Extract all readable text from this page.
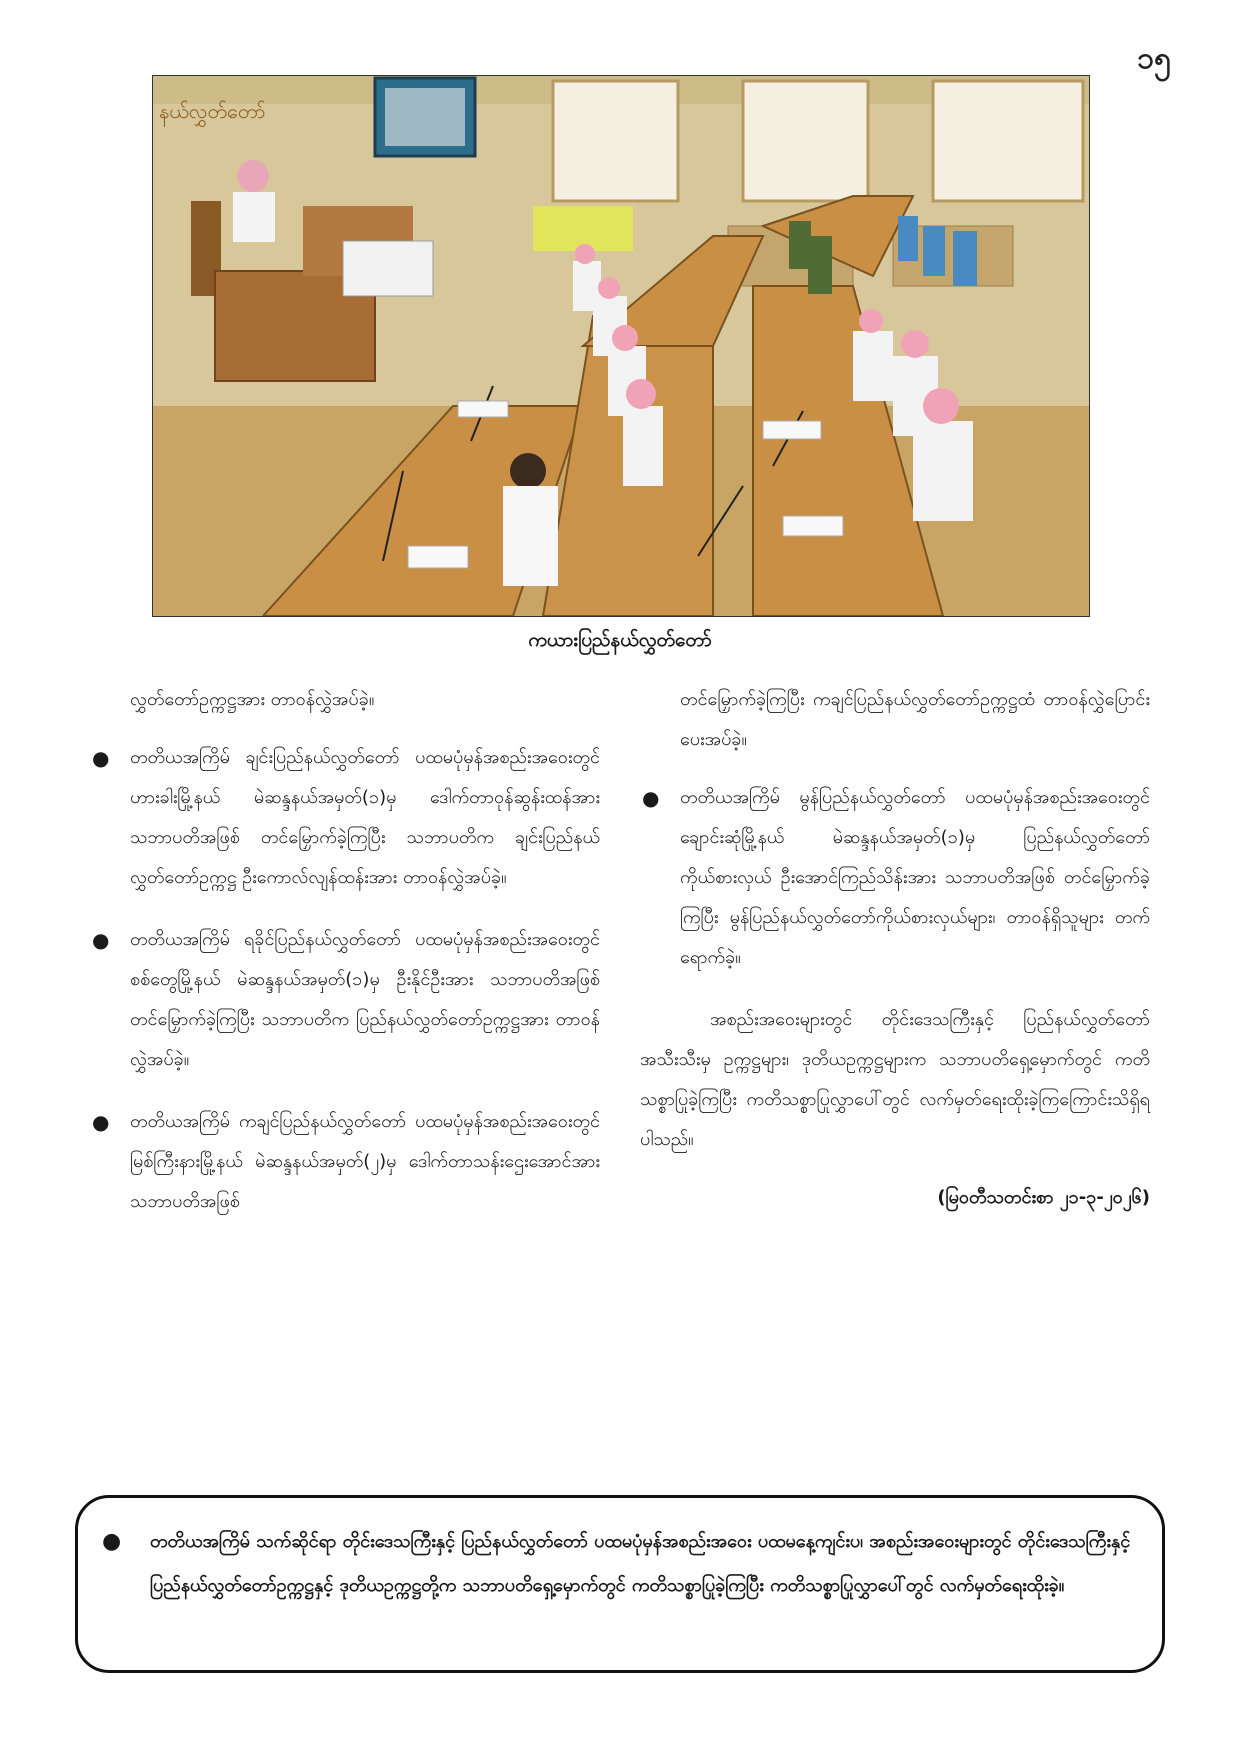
၁၅
နယ်လွှတ်တော်
ကယားပြည်နယ်လွှတ်တော်

လွှတ်တော်ဥက္ကဋ္ဌအား တာဝန်လွှဲအပ်ခဲ့။

● တတိယအကြိမ် ချင်းပြည်နယ်လွှတ်တော် ပထမပုံမှန်အစည်းအဝေးတွင် ဟားခါးမြို့နယ် မဲဆန္ဒနယ်အမှတ်(၁)မှ ဒေါက်တာဝုန်ဆွန်းထန်အား သဘာပတိအဖြစ် တင်မြှောက်ခဲ့ကြပြီး သဘာပတိက ချင်းပြည်နယ်လွှတ်တော်ဥက္ကဋ္ဌ ဦးကောလ်လျန်ထန်းအား တာဝန်လွှဲအပ်ခဲ့။

● တတိယအကြိမ် ရခိုင်ပြည်နယ်လွှတ်တော် ပထမပုံမှန်အစည်းအဝေးတွင် စစ်တွေမြို့နယ် မဲဆန္ဒနယ်အမှတ်(၁)မှ ဦးနိုင်ဦးအား သဘာပတိအဖြစ် တင်မြှောက်ခဲ့ကြပြီး သဘာပတိက ပြည်နယ်လွှတ်တော်ဥက္ကဋ္ဌအား တာဝန်လွှဲအပ်ခဲ့။

● တတိယအကြိမ် ကချင်ပြည်နယ်လွှတ်တော် ပထမပုံမှန်အစည်းအဝေးတွင် မြစ်ကြီးနားမြို့နယ် မဲဆန္ဒနယ်အမှတ်(၂)မှ ဒေါက်တာသန်းဌေးအောင်အား သဘာပတိအဖြစ်

တင်မြှောက်ခဲ့ကြပြီး ကချင်ပြည်နယ်လွှတ်တော်ဥက္ကဋ္ဌထံ တာဝန်လွှဲပြောင်းပေးအပ်ခဲ့။

● တတိယအကြိမ် မွန်ပြည်နယ်လွှတ်တော် ပထမပုံမှန်အစည်းအဝေးတွင် ချောင်းဆုံမြို့နယ် မဲဆန္ဒနယ်အမှတ်(၁)မှ ပြည်နယ်လွှတ်တော်ကိုယ်စားလှယ် ဦးအောင်ကြည်သိန်းအား သဘာပတိအဖြစ် တင်မြှောက်ခဲ့ကြပြီး မွန်ပြည်နယ်လွှတ်တော်ကိုယ်စားလှယ်များ၊ တာဝန်ရှိသူများ တက်ရောက်ခဲ့။

အစည်းအဝေးများတွင် တိုင်းဒေသကြီးနှင့် ပြည်နယ်လွှတ်တော်အသီးသီးမှ ဥက္ကဋ္ဌများ၊ ဒုတိယဥက္ကဋ္ဌများက သဘာပတိရှေ့မှောက်တွင် ကတိသစ္စာပြုခဲ့ကြပြီး ကတိသစ္စာပြုလွှာပေါ်တွင် လက်မှတ်ရေးထိုးခဲ့ကြကြောင်းသိရှိရပါသည်။

(မြဝတီသတင်းစာ ၂၁-၃-၂၀၂၆)

● တတိယအကြိမ် သက်ဆိုင်ရာ တိုင်းဒေသကြီးနှင့် ပြည်နယ်လွှတ်တော် ပထမပုံမှန်အစည်းအဝေး ပထမနေ့ကျင်းပ၊ အစည်းအဝေးများတွင် တိုင်းဒေသကြီးနှင့် ပြည်နယ်လွှတ်တော်ဥက္ကဋ္ဌနှင့် ဒုတိယဥက္ကဋ္ဌတို့က သဘာပတိရှေ့မှောက်တွင် ကတိသစ္စာပြုခဲ့ကြပြီး ကတိသစ္စာပြုလွှာပေါ်တွင် လက်မှတ်ရေးထိုးခဲ့။
